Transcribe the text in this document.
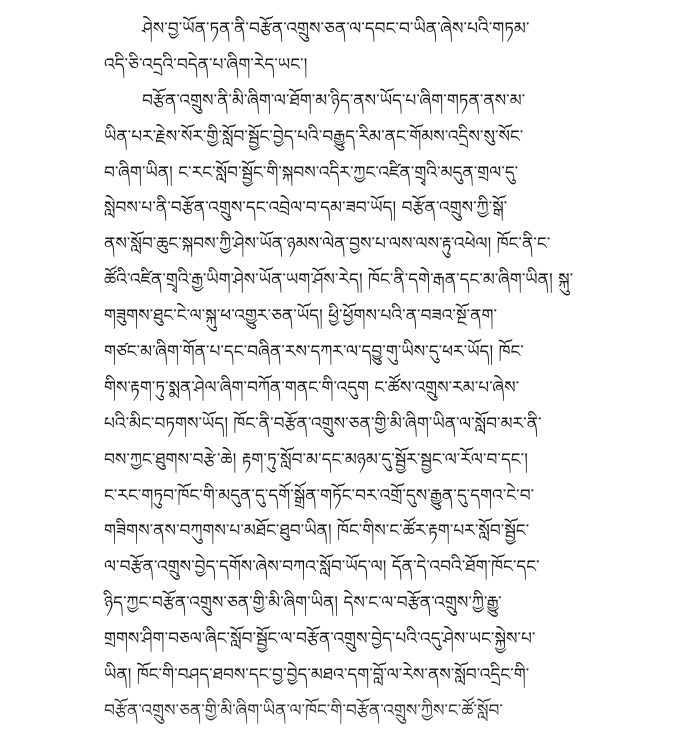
ཤེས་བྱ་ཡོན་ཏན་ནི་བརྩོན་འགྲུས་ཅན་ལ་དབང་བ་ཡིན་ཞེས་པའི་གཏམ་
འདི་ཅི་འདྲའི་བདེན་པ་ཞིག་རེད་ཡང་།
བརྩོན་འགྲུས་ནི་མི་ཞིག་ལ་ཐོག་མ་ཉིད་ནས་ཡོད་པ་ཞིག་གཏན་ནས་མ་
ཡིན་པར་རྗེས་སོར་གྱི་སློབ་སྦྱོང་བྱེད་པའི་བརྒྱུད་རིམ་ནང་གོམས་འདྲིས་སུ་སོང་
བ་ཞིག་ཡིན། ང་རང་སློབ་སྦྱོང་གི་སྐབས་འདིར་ཀྱང་འཛིན་གྲྭའི་མདུན་གྲལ་དུ་
སླེབས་པ་ནི་བརྩོན་འགྲུས་དང་འབྲེལ་བ་དམ་ཟབ་ཡོད། བརྩོན་འགྲུས་ཀྱི་སྒོ་
ནས་སློབ་ཆུང་སྐབས་ཀྱི་ཤེས་ཡོན་ཉམས་ལེན་བྱས་པ་ལས་ལས་རྟུ་འཕེལ། ཁོང་ནི་ང་
ཚོའི་འཛིན་གྲྭའི་རྒྱ་ཡིག་ཤེས་ཡོན་ཡག་ཤོས་རེད། ཁོང་ནི་དགེ་རྒན་དང་མ་ཞིག་ཡིན། སྐུ་
གཟུགས་ཐུང་ངེ་ལ་སྐུ་ཕ་འགྱུར་ཅན་ཡོད། ཕྱི་ཕྱོགས་པའི་ན་བཟའ་སྔོ་ནག་
གཙང་མ་ཞིག་གོན་པ་དང་བཞིན་རས་དཀར་ལ་དབྱུ་གུ་ཡིས་དུ་ཕར་ཡོད། ཁོང་
གིས་རྟག་ཏུ་སྨན་ཤེལ་ཞིག་བཀོན་གནང་གི་འདུག ང་ཚོས་འགྲུས་རམ་པ་ཞེས་
པའི་མིང་བཏགས་ཡོད། ཁོང་ནི་བརྩོན་འགྲུས་ཅན་གྱི་མི་ཞིག་ཡིན་ལ་སློབ་མར་ནི་
བས་ཀྱང་ཐུགས་བརྩེ་ཆེ། རྟག་ཏུ་སློབ་མ་དང་མཉམ་དུ་སྦྱོར་སྦྱང་ལ་རོལ་བ་དང་།
ང་རང་གཏུབ་ཁོང་གི་མདུན་དུ་དགོ་སྒྲོན་གཏོང་བར་འགྲོ་དུས་རྒྱུན་དུ་དགའ་ངེ་བ་
གཟིགས་ནས་བཀུགས་པ་མཐོང་ཐུབ་ཡིན། ཁོང་གིས་ང་ཚོར་རྟག་པར་སློབ་སྦྱོང་
ལ་བརྩོན་འགྲུས་བྱེད་དགོས་ཞེས་བཀའ་སློབ་ཡོད་ལ། དོན་དེ་འབའི་ཐོག་ཁོང་དང་
ཉིད་ཀྱང་བརྩོན་འགྲུས་ཅན་གྱི་མི་ཞིག་ཡིན། དེས་ང་ལ་བརྩོན་འགྲུས་ཀྱི་རྒྱུ་
གྲགས་ཤིག་བཅལ་ཞིང་སློབ་སྦྱོང་ལ་བརྩོན་འགྲུས་བྱེད་པའི་འདུ་ཤེས་ཡང་སྐྱེས་པ་
ཡིན། ཁོང་གི་བཤད་ཐབས་དང་བྱ་བྱེད་མཐའ་དག་བློ་ལ་རེས་ནས་སློབ་འདྲིང་གི་
བརྩོན་འགྲུས་ཅན་གྱི་མི་ཞིག་ཡིན་ལ་ཁོང་གི་བརྩོན་འགྲུས་ཀྱིས་ང་ཚོ་སློབ་
